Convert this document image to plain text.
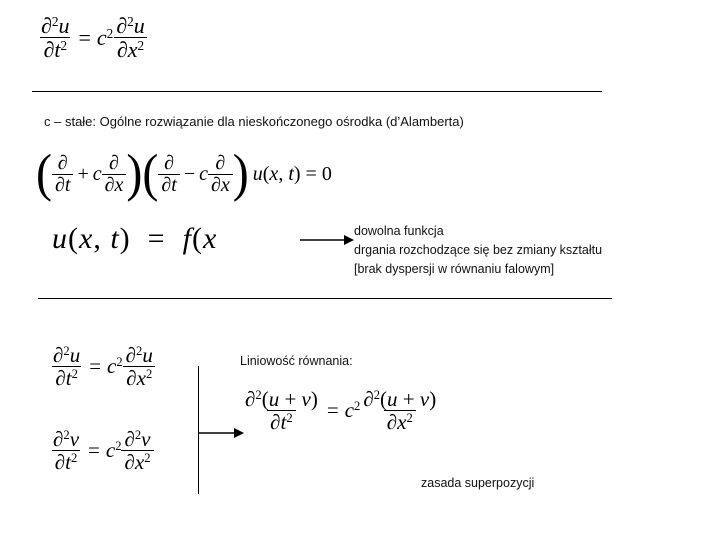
$\frac{\partial^2u}{\partial t^2} = c^2 \frac{\partial^2u}{\partial x^2}$
c – stałe: Ogólne rozwiązanie dla nieskończonego ośrodka (d’Alamberta)
( $\frac{\partial}{\partial t} + c \frac{\partial}{\partial x}$ ) ( $\frac{\partial}{\partial t} - c \frac{\partial}{\partial x}$ ) u(x, t) = 0
u(x, t)  =  f(x	dowolna funkcja
drgania rozchodzące się bez zmiany kształtu
[brak dyspersji w równaniu falowym]
$\frac{\partial^2u}{\partial t^2} = c^2 \frac{\partial^2u}{\partial x^2}$
$\frac{\partial^2v}{\partial t^2} = c^2 \frac{\partial^2v}{\partial x^2}$
Liniowość równania:
$\frac{\partial^2(u + v)}{\partial t^2} = c^2 \frac{\partial^2(u + v)}{\partial x^2}$
zasada superpozycji
